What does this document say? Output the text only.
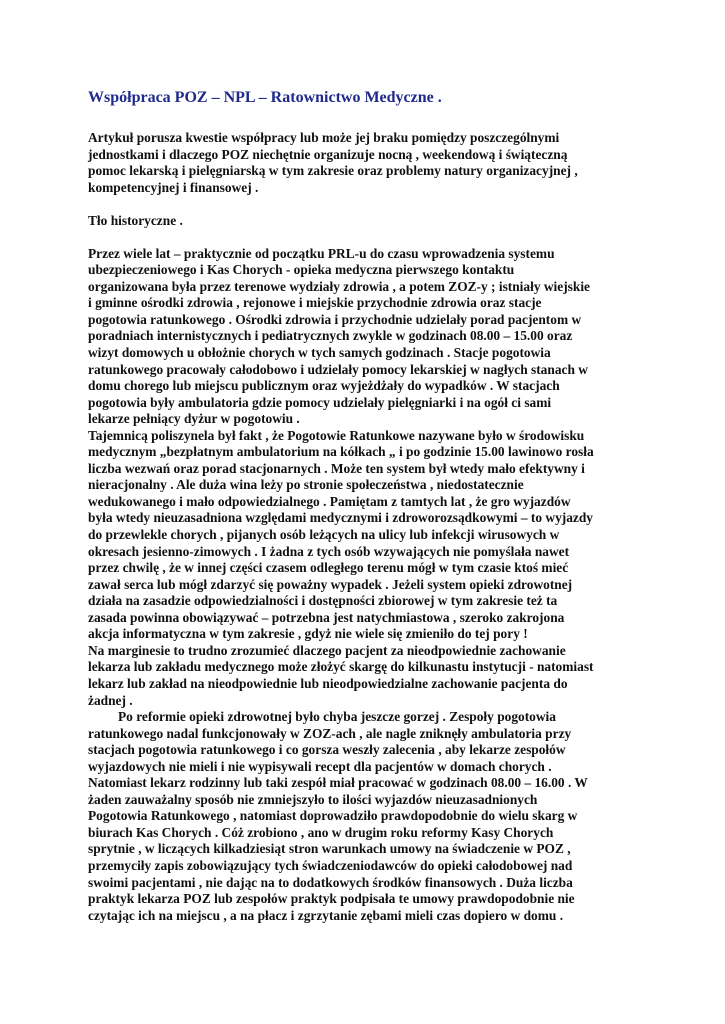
Współpraca POZ – NPL – Ratownictwo Medyczne .

Artykuł porusza kwestie współpracy lub może jej braku pomiędzy poszczególnymi
jednostkami i dlaczego POZ niechętnie organizuje nocną , weekendową i świąteczną
pomoc lekarską i pielęgniarską w tym zakresie oraz problemy natury organizacyjnej ,
kompetencyjnej i finansowej .

Tło historyczne .

Przez wiele lat – praktycznie od początku PRL-u do czasu wprowadzenia systemu
ubezpieczeniowego i Kas Chorych - opieka medyczna pierwszego kontaktu
organizowana była przez terenowe wydziały zdrowia , a potem ZOZ-y ; istniały wiejskie
i gminne ośrodki zdrowia , rejonowe i miejskie przychodnie zdrowia oraz stacje
pogotowia ratunkowego . Ośrodki zdrowia i przychodnie udzielały porad pacjentom w
poradniach internistycznych i pediatrycznych zwykle w godzinach 08.00 – 15.00 oraz
wizyt domowych u obłożnie chorych w tych samych godzinach . Stacje pogotowia
ratunkowego pracowały całodobowo i udzielały pomocy lekarskiej w nagłych stanach w
domu chorego lub miejscu publicznym oraz wyjeżdżały do wypadków . W stacjach
pogotowia były ambulatoria gdzie pomocy udzielały pielęgniarki i na ogół ci sami
lekarze pełniący dyżur w pogotowiu .

Tajemnicą poliszynela był fakt , że Pogotowie Ratunkowe nazywane było w środowisku
medycznym „bezpłatnym ambulatorium na kółkach „ i po godzinie 15.00 lawinowo rosła
liczba wezwań oraz porad stacjonarnych . Może ten system był wtedy mało efektywny i
nieracjonalny . Ale duża wina leży po stronie społeczeństwa , niedostatecznie
wedukowanego i mało odpowiedzialnego . Pamiętam z tamtych lat , że gro wyjazdów
była wtedy nieuzasadniona względami medycznymi i zdroworozsądkowymi – to wyjazdy
do przewlekle chorych , pijanych osób leżących na ulicy lub infekcji wirusowych w
okresach jesienno-zimowych . I żadna z tych osób wzywających nie pomyślała nawet
przez chwilę , że w innej części czasem odległego terenu mógł w tym czasie ktoś mieć
zawał serca lub mógł zdarzyć się poważny wypadek . Jeżeli system opieki zdrowotnej
działa na zasadzie odpowiedzialności i dostępności zbiorowej w tym zakresie też ta
zasada powinna obowiązywać – potrzebna jest natychmiastowa , szeroko zakrojona
akcja informatyczna w tym zakresie , gdyż nie wiele się zmieniło do tej pory !

Na marginesie to trudno zrozumieć dlaczego pacjent za nieodpowiednie zachowanie
lekarza lub zakładu medycznego może złożyć skargę do kilkunastu instytucji - natomiast
lekarz lub zakład na nieodpowiednie lub nieodpowiedzialne zachowanie pacjenta do
żadnej .

Po reformie opieki zdrowotnej było chyba jeszcze gorzej . Zespoły pogotowia
ratunkowego nadal funkcjonowały w ZOZ-ach , ale nagle zniknęły ambulatoria przy
stacjach pogotowia ratunkowego i co gorsza weszły zalecenia , aby lekarze zespołów
wyjazdowych nie mieli i nie wypisywali recept dla pacjentów w domach chorych .
Natomiast lekarz rodzinny lub taki zespół miał pracować w godzinach 08.00 – 16.00 . W
żaden zauważalny sposób nie zmniejszyło to ilości wyjazdów nieuzasadnionych
Pogotowia Ratunkowego , natomiast doprowadziło prawdopodobnie do wielu skarg w
biurach Kas Chorych . Cóż zrobiono , ano w drugim roku reformy Kasy Chorych
sprytnie , w liczących kilkadziesiąt stron warunkach umowy na świadczenie w POZ ,
przemyciły zapis zobowiązujący tych świadczeniodawców do opieki całodobowej nad
swoimi pacjentami , nie dając na to dodatkowych środków finansowych . Duża liczba
praktyk lekarza POZ lub zespołów praktyk podpisała te umowy prawdopodobnie nie
czytając ich na miejscu , a na płacz i zgrzytanie zębami mieli czas dopiero w domu .
